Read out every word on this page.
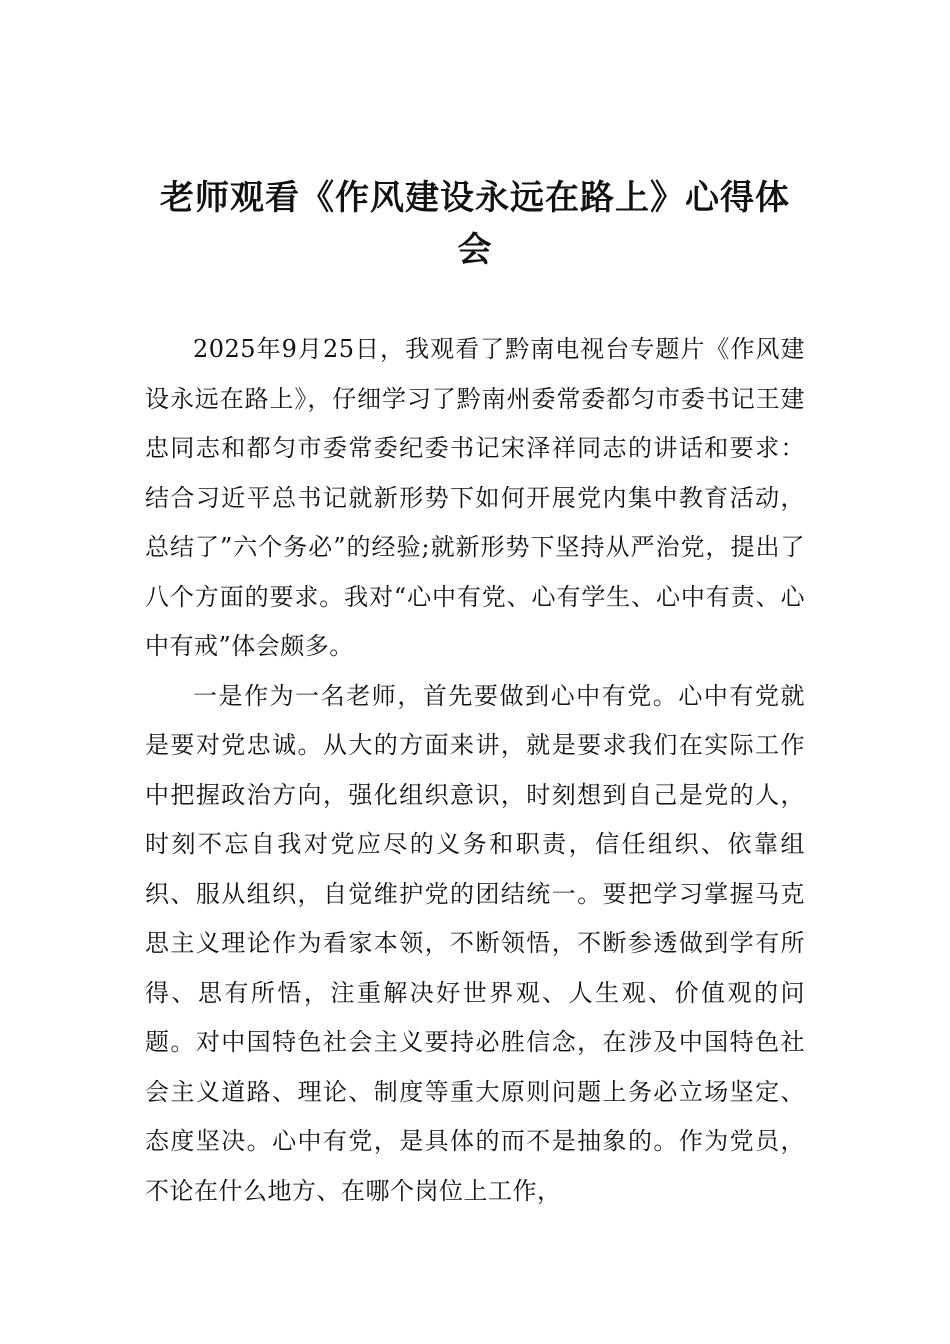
老师观看《作风建设永远在路上》心得体会

2025年9月25日，我观看了黔南电视台专题片《作风建设永远在路上》，仔细学习了黔南州委常委都匀市委书记王建忠同志和都匀市委常委纪委书记宋泽祥同志的讲话和要求：结合习近平总书记就新形势下如何开展党内集中教育活动，总结了”六个务必”的经验;就新形势下坚持从严治党，提出了八个方面的要求。我对“心中有党、心有学生、心中有责、心中有戒”体会颇多。

一是作为一名老师，首先要做到心中有党。心中有党就是要对党忠诚。从大的方面来讲，就是要求我们在实际工作中把握政治方向，强化组织意识，时刻想到自己是党的人，时刻不忘自我对党应尽的义务和职责，信任组织、依靠组织、服从组织，自觉维护党的团结统一。要把学习掌握马克思主义理论作为看家本领，不断领悟，不断参透做到学有所得、思有所悟，注重解决好世界观、人生观、价值观的问题。对中国特色社会主义要持必胜信念，在涉及中国特色社会主义道路、理论、制度等重大原则问题上务必立场坚定、态度坚决。心中有党，是具体的而不是抽象的。作为党员，不论在什么地方、在哪个岗位上工作，
